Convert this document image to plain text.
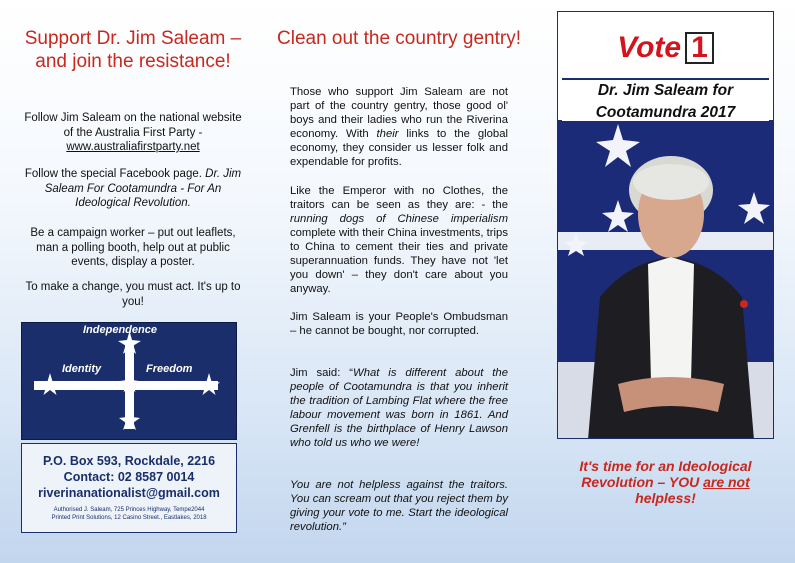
Support Dr. Jim Saleam – and join the resistance!

Follow Jim Saleam on the national website of the Australia First Party -
www.australiafirstparty.net

Follow the special Facebook page. Dr. Jim Saleam For Cootamundra - For An Ideological Revolution.

Be a campaign worker – put out leaflets, man a polling booth, help out at public events, display a poster.

To make a change, you must act. It's up to you!

Independence
Identity	Freedom
P.O. Box 593, Rockdale, 2216
Contact: 02 8587 0014
riverinanationalist@gmail.com
Authorised J. Saleam, 725 Princes Highway, Tempe2044
Printed Print Solutions, 12 Casino Street., Eastlakes, 2018
Clean out the country gentry!

Those who support Jim Saleam are not part of the country gentry, those good ol' boys and their ladies who run the Riverina economy. With their links to the global economy, they consider us lesser folk and expendable for profits.

Like the Emperor with no Clothes, the traitors can be seen as they are: - the running dogs of Chinese imperialism complete with their China investments, trips to China to cement their ties and private superannuation funds. They have not 'let you down' – they don't care about you anyway.

Jim Saleam is your People's Ombudsman – he cannot be bought, nor corrupted.

Jim said: “What is different about the people of Cootamundra is that you inherit the tradition of Lambing Flat where the free labour movement was born in 1861. And Grenfell is the birthplace of Henry Lawson who told us who we were!

You are not helpless against the traitors. You can scream out that you reject them by giving your vote to me. Start the ideological revolution.”

Vote 1
Dr. Jim Saleam for
Cootamundra 2017
It's time for an Ideological Revolution – YOU are not helpless!
